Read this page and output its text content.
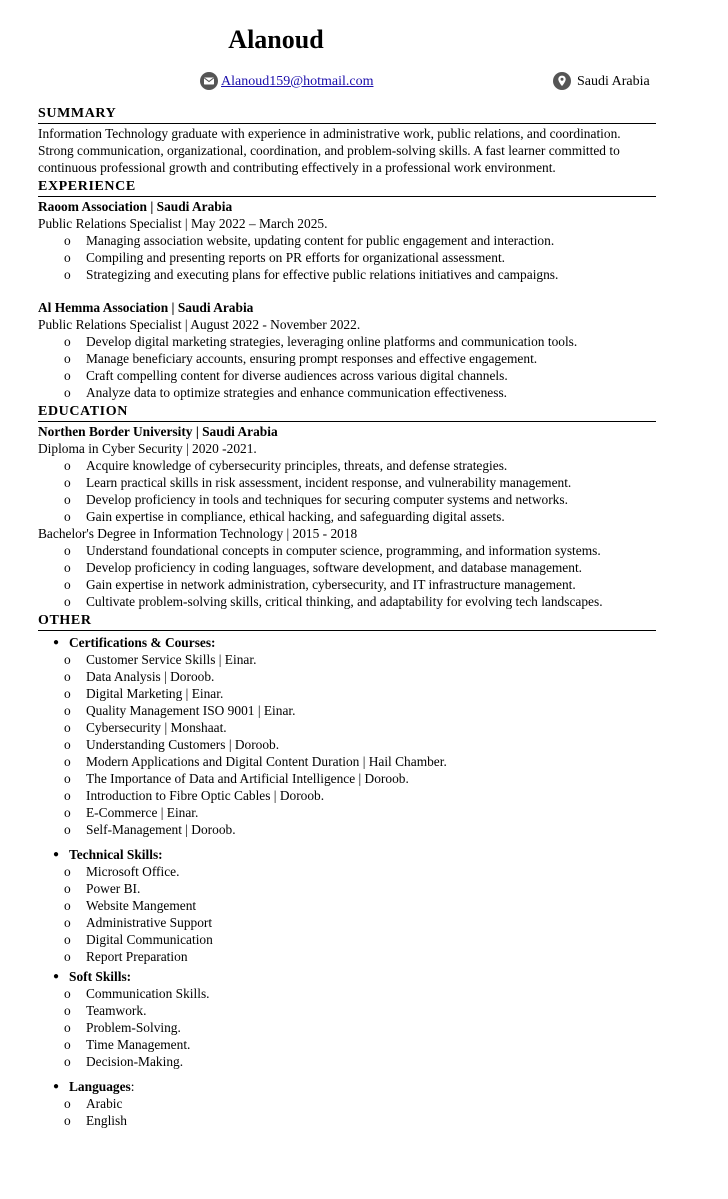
Alanoud
Alanoud159@hotmail.com	Saudi Arabia
SUMMARY
Information Technology graduate with experience in administrative work, public relations, and coordination. Strong communication, organizational, coordination, and problem-solving skills. A fast learner committed to continuous professional growth and contributing effectively in a professional work environment.
EXPERIENCE
Raoom Association | Saudi Arabia
Public Relations Specialist | May 2022 – March 2025.
o Managing association website, updating content for public engagement and interaction.
o Compiling and presenting reports on PR efforts for organizational assessment.
o Strategizing and executing plans for effective public relations initiatives and campaigns.
Al Hemma Association | Saudi Arabia
Public Relations Specialist | August 2022 - November 2022.
o Develop digital marketing strategies, leveraging online platforms and communication tools.
o Manage beneficiary accounts, ensuring prompt responses and effective engagement.
o Craft compelling content for diverse audiences across various digital channels.
o Analyze data to optimize strategies and enhance communication effectiveness.
EDUCATION
Northen Border University | Saudi Arabia
Diploma in Cyber Security | 2020 -2021.
o Acquire knowledge of cybersecurity principles, threats, and defense strategies.
o Learn practical skills in risk assessment, incident response, and vulnerability management.
o Develop proficiency in tools and techniques for securing computer systems and networks.
o Gain expertise in compliance, ethical hacking, and safeguarding digital assets.
Bachelor's Degree in Information Technology | 2015 - 2018
o Understand foundational concepts in computer science, programming, and information systems.
o Develop proficiency in coding languages, software development, and database management.
o Gain expertise in network administration, cybersecurity, and IT infrastructure management.
o Cultivate problem-solving skills, critical thinking, and adaptability for evolving tech landscapes.
OTHER
● Certifications & Courses:
o Customer Service Skills | Einar.
o Data Analysis | Doroob.
o Digital Marketing | Einar.
o Quality Management ISO 9001 | Einar.
o Cybersecurity | Monshaat.
o Understanding Customers | Doroob.
o Modern Applications and Digital Content Duration | Hail Chamber.
o The Importance of Data and Artificial Intelligence | Doroob.
o Introduction to Fibre Optic Cables | Doroob.
o E-Commerce | Einar.
o Self-Management | Doroob.
● Technical Skills:
o Microsoft Office.
o Power BI.
o Website Mangement
o Administrative Support
o Digital Communication
o Report Preparation
● Soft Skills:
o Communication Skills.
o Teamwork.
o Problem-Solving.
o Time Management.
o Decision-Making.
● Languages:
o Arabic
o English
